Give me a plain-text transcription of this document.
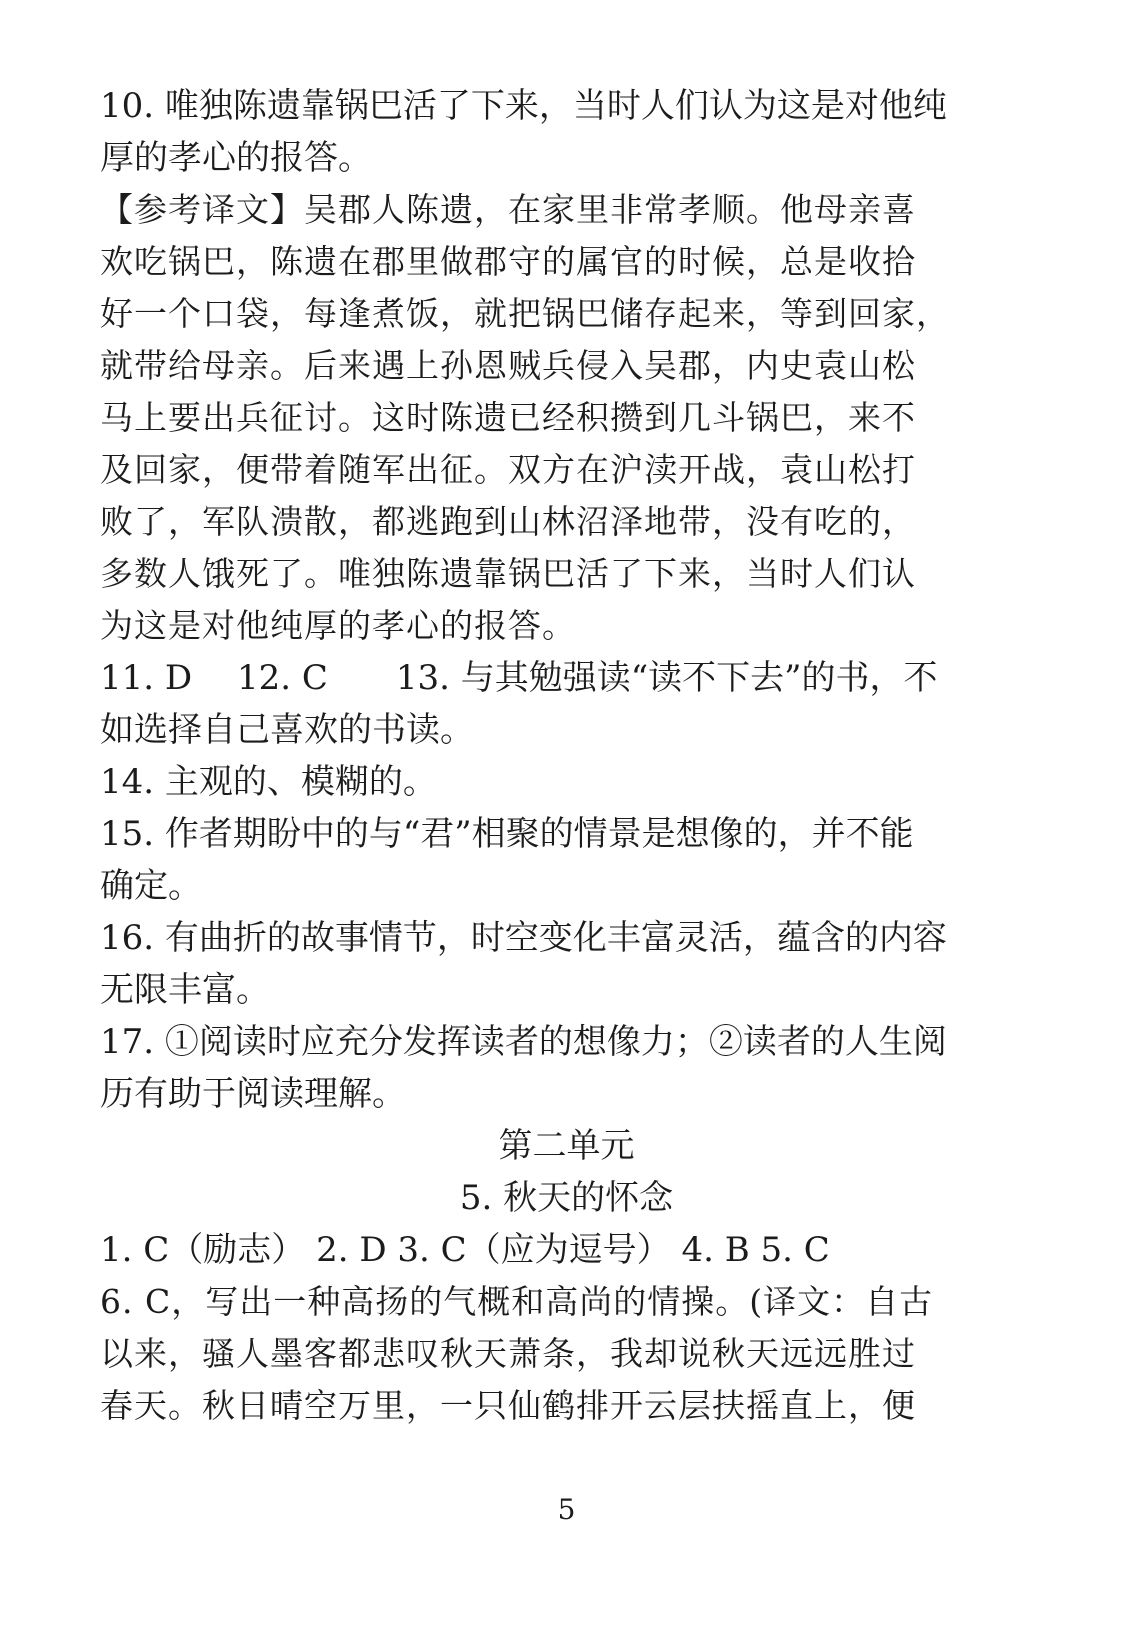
10. 唯独陈遗靠锅巴活了下来，当时人们认为这是对他纯
厚的孝心的报答。
【参考译文】吴郡人陈遗，在家里非常孝顺。他母亲喜
欢吃锅巴，陈遗在郡里做郡守的属官的时候，总是收拾
好一个口袋，每逢煮饭，就把锅巴储存起来，等到回家，
就带给母亲。后来遇上孙恩贼兵侵入吴郡，内史袁山松
马上要出兵征讨。这时陈遗已经积攒到几斗锅巴，来不
及回家，便带着随军出征。双方在沪渎开战，袁山松打
败了，军队溃散，都逃跑到山林沼泽地带，没有吃的，
多数人饿死了。唯独陈遗靠锅巴活了下来，当时人们认
为这是对他纯厚的孝心的报答。
11. D　 12. C　　13. 与其勉强读“读不下去”的书，不
如选择自己喜欢的书读。
14. 主观的、模糊的。
15. 作者期盼中的与“君”相聚的情景是想像的，并不能
确定。
16. 有曲折的故事情节，时空变化丰富灵活，蕴含的内容
无限丰富。
17. ①阅读时应充分发挥读者的想像力；②读者的人生阅
历有助于阅读理解。
第二单元
5. 秋天的怀念
1. C（励志） 2. D 3. C（应为逗号） 4. B 5. C
6. C，写出一种高扬的气概和高尚的情操。(译文：自古
以来，骚人墨客都悲叹秋天萧条，我却说秋天远远胜过
春天。秋日晴空万里，一只仙鹤排开云层扶摇直上，便
5
